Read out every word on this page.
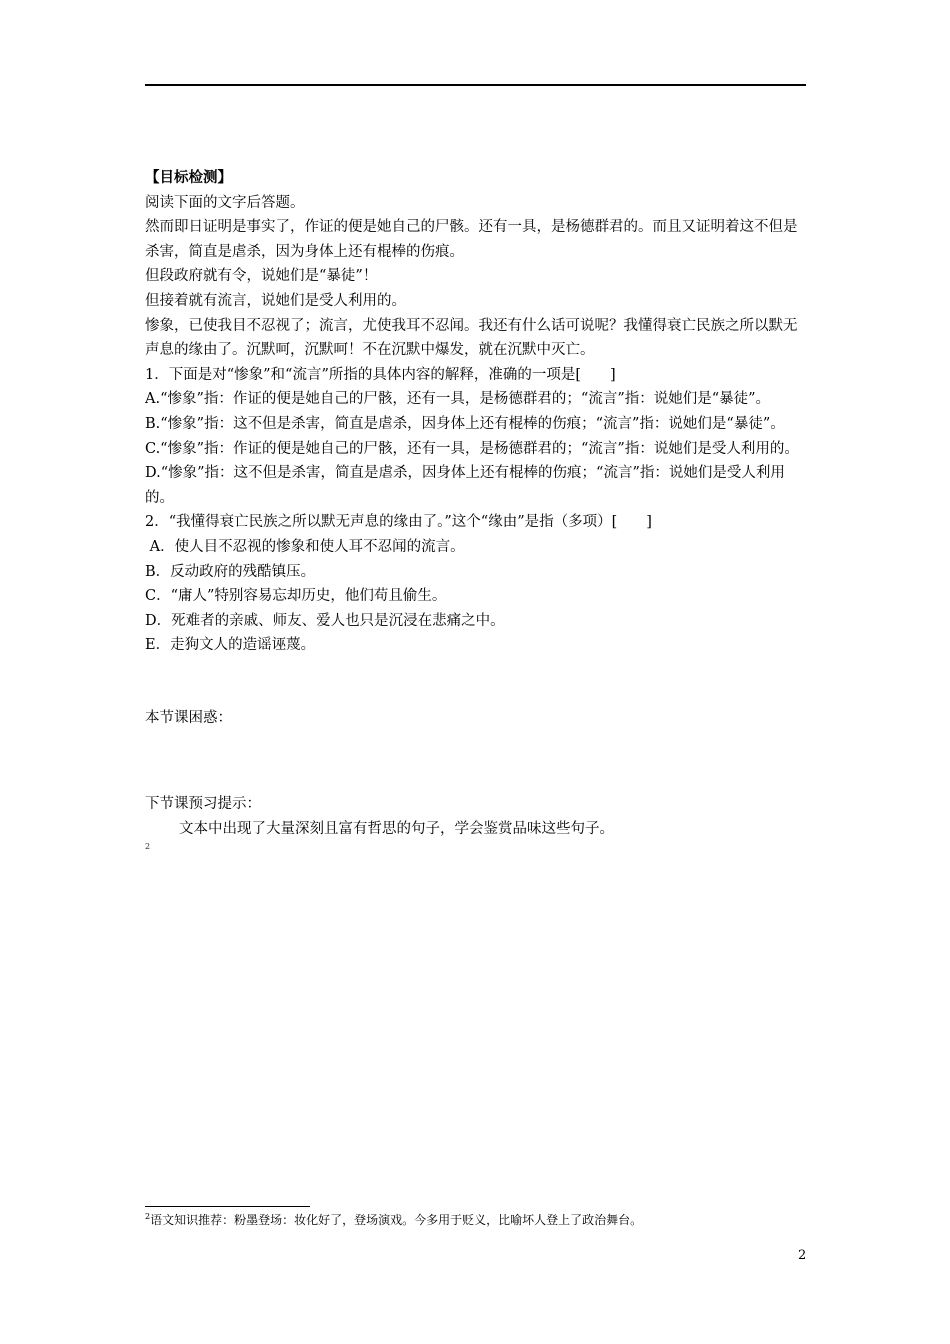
【目标检测】

阅读下面的文字后答题。

然而即日证明是事实了，作证的便是她自己的尸骸。还有一具，是杨德群君的。而且又证明着这不但是杀害，简直是虐杀，因为身体上还有棍棒的伤痕。

但段政府就有令，说她们是“暴徒”！

但接着就有流言，说她们是受人利用的。

惨象，已使我目不忍视了；流言，尤使我耳不忍闻。我还有什么话可说呢？我懂得衰亡民族之所以默无声息的缘由了。沉默呵，沉默呵！不在沉默中爆发，就在沉默中灭亡。

1．下面是对“惨象”和“流言”所指的具体内容的解释，准确的一项是[　　]

A.“惨象”指：作证的便是她自己的尸骸，还有一具，是杨德群君的；“流言”指：说她们是“暴徒”。

B.“惨象”指：这不但是杀害，简直是虐杀，因身体上还有棍棒的伤痕；“流言”指：说她们是“暴徒”。

C.“惨象”指：作证的便是她自己的尸骸，还有一具，是杨德群君的；“流言”指：说她们是受人利用的。

D.“惨象”指：这不但是杀害，简直是虐杀，因身体上还有棍棒的伤痕；“流言”指：说她们是受人利用的。

2．“我懂得衰亡民族之所以默无声息的缘由了。”这个“缘由”是指（多项）[　　]

A．使人目不忍视的惨象和使人耳不忍闻的流言。

B．反动政府的残酷镇压。

C．“庸人”特别容易忘却历史，他们苟且偷生。

D．死难者的亲戚、师友、爱人也只是沉浸在悲痛之中。

E．走狗文人的造谣诬蔑。

本节课困惑：

下节课预习提示：

文本中出现了大量深刻且富有哲思的句子，学会鉴赏品味这些句子。

2

$^2$语文知识推荐：粉墨登场：妆化好了，登场演戏。今多用于贬义，比喻坏人登上了政治舞台。
2
